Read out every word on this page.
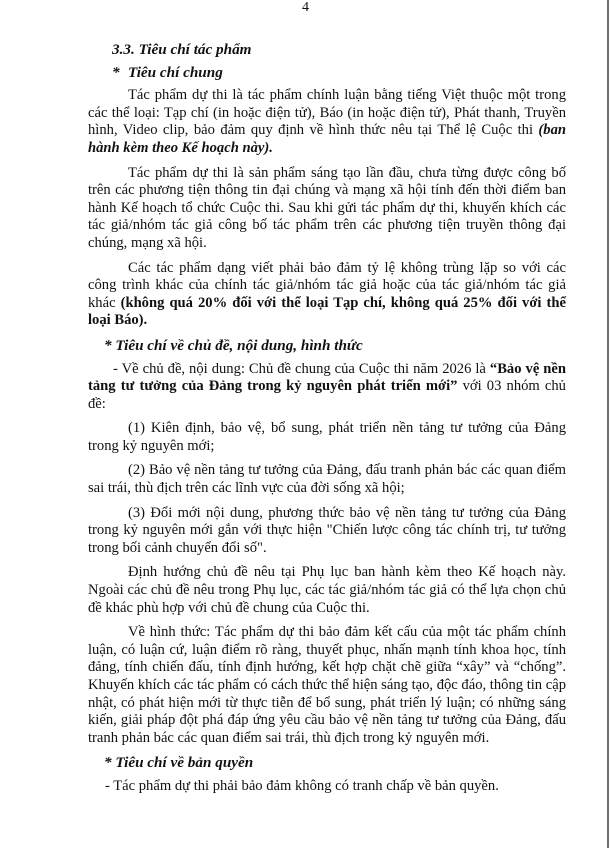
4

3.3. Tiêu chí tác phẩm

* Tiêu chí chung

Tác phẩm dự thi là tác phẩm chính luận bằng tiếng Việt thuộc một trong các thể loại: Tạp chí (in hoặc điện tử), Báo (in hoặc điện tử), Phát thanh, Truyền hình, Video clip, bảo đảm quy định về hình thức nêu tại Thể lệ Cuộc thi (ban hành kèm theo Kế hoạch này).

Tác phẩm dự thi là sản phẩm sáng tạo lần đầu, chưa từng được công bố trên các phương tiện thông tin đại chúng và mạng xã hội tính đến thời điểm ban hành Kế hoạch tổ chức Cuộc thi. Sau khi gửi tác phẩm dự thi, khuyến khích các tác giả/nhóm tác giả công bố tác phẩm trên các phương tiện truyền thông đại chúng, mạng xã hội.

Các tác phẩm dạng viết phải bảo đảm tỷ lệ không trùng lặp so với các công trình khác của chính tác giả/nhóm tác giả hoặc của tác giả/nhóm tác giả khác (không quá 20% đối với thể loại Tạp chí, không quá 25% đối với thể loại Báo).

* Tiêu chí về chủ đề, nội dung, hình thức

- Về chủ đề, nội dung: Chủ đề chung của Cuộc thi năm 2026 là “Bảo vệ nền tảng tư tưởng của Đảng trong kỷ nguyên phát triển mới” với 03 nhóm chủ đề:

(1) Kiên định, bảo vệ, bổ sung, phát triển nền tảng tư tưởng của Đảng trong kỷ nguyên mới;

(2) Bảo vệ nền tảng tư tưởng của Đảng, đấu tranh phản bác các quan điểm sai trái, thù địch trên các lĩnh vực của đời sống xã hội;

(3) Đổi mới nội dung, phương thức bảo vệ nền tảng tư tưởng của Đảng trong kỷ nguyên mới gắn với thực hiện "Chiến lược công tác chính trị, tư tưởng trong bối cảnh chuyển đổi số".

Định hướng chủ đề nêu tại Phụ lục ban hành kèm theo Kế hoạch này. Ngoài các chủ đề nêu trong Phụ lục, các tác giả/nhóm tác giả có thể lựa chọn chủ đề khác phù hợp với chủ đề chung của Cuộc thi.

Về hình thức: Tác phẩm dự thi bảo đảm kết cấu của một tác phẩm chính luận, có luận cứ, luận điểm rõ ràng, thuyết phục, nhấn mạnh tính khoa học, tính đảng, tính chiến đấu, tính định hướng, kết hợp chặt chẽ giữa “xây” và “chống”. Khuyến khích các tác phẩm có cách thức thể hiện sáng tạo, độc đáo, thông tin cập nhật, có phát hiện mới từ thực tiễn để bổ sung, phát triển lý luận; có những sáng kiến, giải pháp đột phá đáp ứng yêu cầu bảo vệ nền tảng tư tưởng của Đảng, đấu tranh phản bác các quan điểm sai trái, thù địch trong kỷ nguyên mới.

* Tiêu chí về bản quyền

- Tác phẩm dự thi phải bảo đảm không có tranh chấp về bản quyền.
